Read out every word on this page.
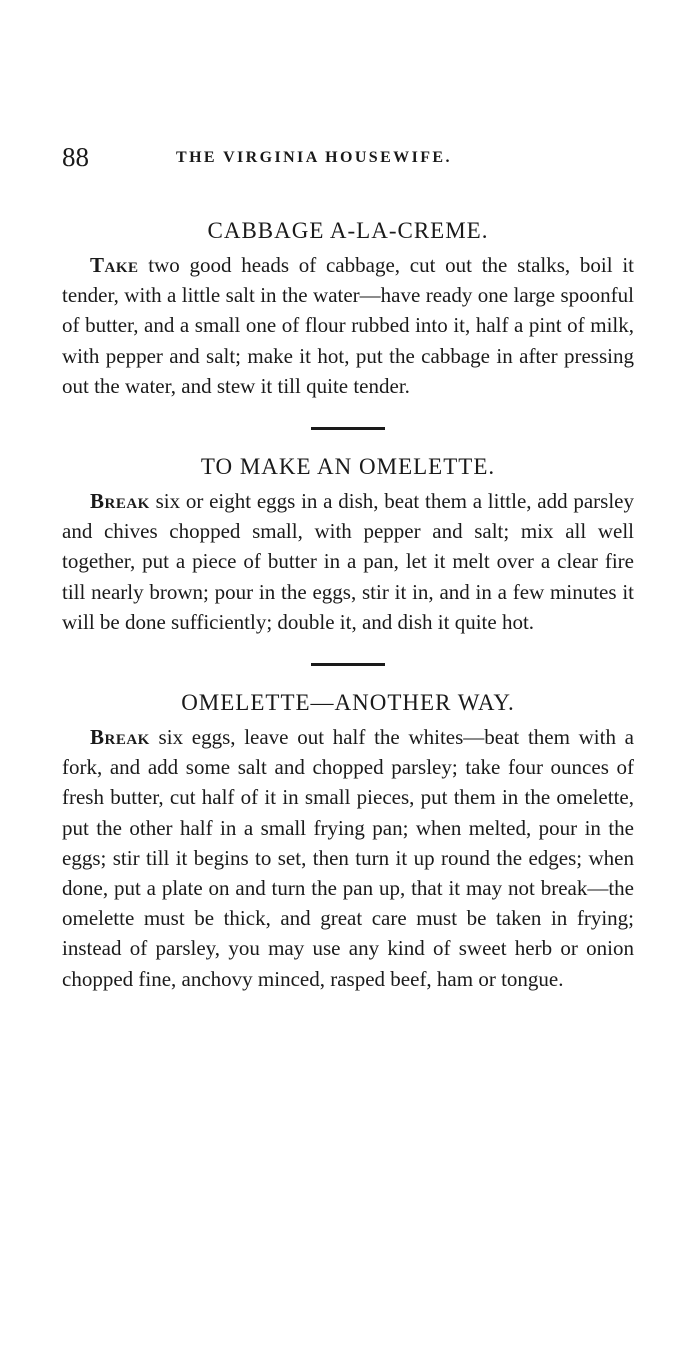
88	THE VIRGINIA HOUSEWIFE.
CABBAGE A-LA-CREME.

Take two good heads of cabbage, cut out the stalks, boil it tender, with a little salt in the water—have ready one large spoonful of butter, and a small one of flour rubbed into it, half a pint of milk, with pepper and salt; make it hot, put the cabbage in after pressing out the water, and stew it till quite tender.

TO MAKE AN OMELETTE.

Break six or eight eggs in a dish, beat them a little, add parsley and chives chopped small, with pepper and salt; mix all well together, put a piece of butter in a pan, let it melt over a clear fire till nearly brown; pour in the eggs, stir it in, and in a few minutes it will be done sufficiently; double it, and dish it quite hot.

OMELETTE—ANOTHER WAY.

Break six eggs, leave out half the whites—beat them with a fork, and add some salt and chopped parsley; take four ounces of fresh butter, cut half of it in small pieces, put them in the omelette, put the other half in a small frying pan; when melted, pour in the eggs; stir till it begins to set, then turn it up round the edges; when done, put a plate on and turn the pan up, that it may not break—the omelette must be thick, and great care must be taken in frying; instead of parsley, you may use any kind of sweet herb or onion chopped fine, anchovy minced, rasped beef, ham or tongue.
